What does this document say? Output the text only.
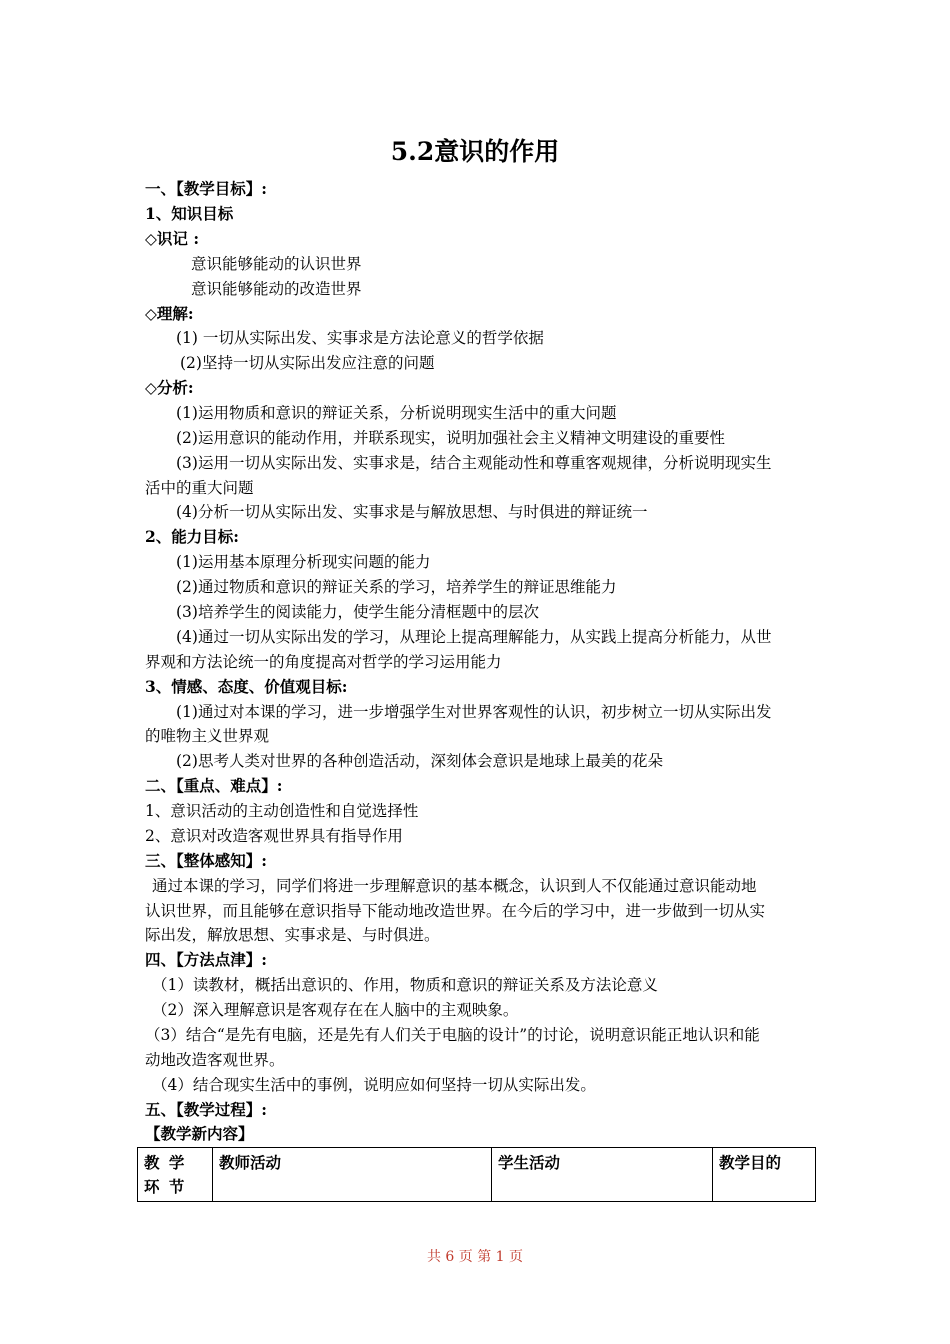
5.2意识的作用
一、【教学目标】:
1、知识目标
◇识记 :
意识能够能动的认识世界
意识能够能动的改造世界
◇理解:
(1) 一切从实际出发、实事求是方法论意义的哲学依据
(2)坚持一切从实际出发应注意的问题
◇分析:
(1)运用物质和意识的辩证关系，分析说明现实生活中的重大问题
(2)运用意识的能动作用，并联系现实，说明加强社会主义精神文明建设的重要性
(3)运用一切从实际出发、实事求是，结合主观能动性和尊重客观规律，分析说明现实生
活中的重大问题
(4)分析一切从实际出发、实事求是与解放思想、与时俱进的辩证统一
2、能力目标:
(1)运用基本原理分析现实问题的能力
(2)通过物质和意识的辩证关系的学习，培养学生的辩证思维能力
(3)培养学生的阅读能力，使学生能分清框题中的层次
(4)通过一切从实际出发的学习，从理论上提高理解能力，从实践上提高分析能力，从世
界观和方法论统一的角度提高对哲学的学习运用能力
3、情感、态度、价值观目标:
(1)通过对本课的学习，进一步增强学生对世界客观性的认识，初步树立一切从实际出发
的唯物主义世界观
(2)思考人类对世界的各种创造活动，深刻体会意识是地球上最美的花朵
二、【重点、难点】:
1、意识活动的主动创造性和自觉选择性
2、意识对改造客观世界具有指导作用
三、【整体感知】:
通过本课的学习，同学们将进一步理解意识的基本概念，认识到人不仅能通过意识能动地
认识世界，而且能够在意识指导下能动地改造世界。在今后的学习中，进一步做到一切从实
际出发，解放思想、实事求是、与时俱进。
四、【方法点津】:
（1）读教材，概括出意识的、作用，物质和意识的辩证关系及方法论意义
（2）深入理解意识是客观存在在人脑中的主观映象。
（3）结合“是先有电脑，还是先有人们关于电脑的设计”的讨论，说明意识能正地认识和能
动地改造客观世界。
（4）结合现实生活中的事例，说明应如何坚持一切从实际出发。
五、【教学过程】:
【教学新内容】
教 学 环 节	教师活动	学生活动	教学目的
共 6 页 第 1 页
